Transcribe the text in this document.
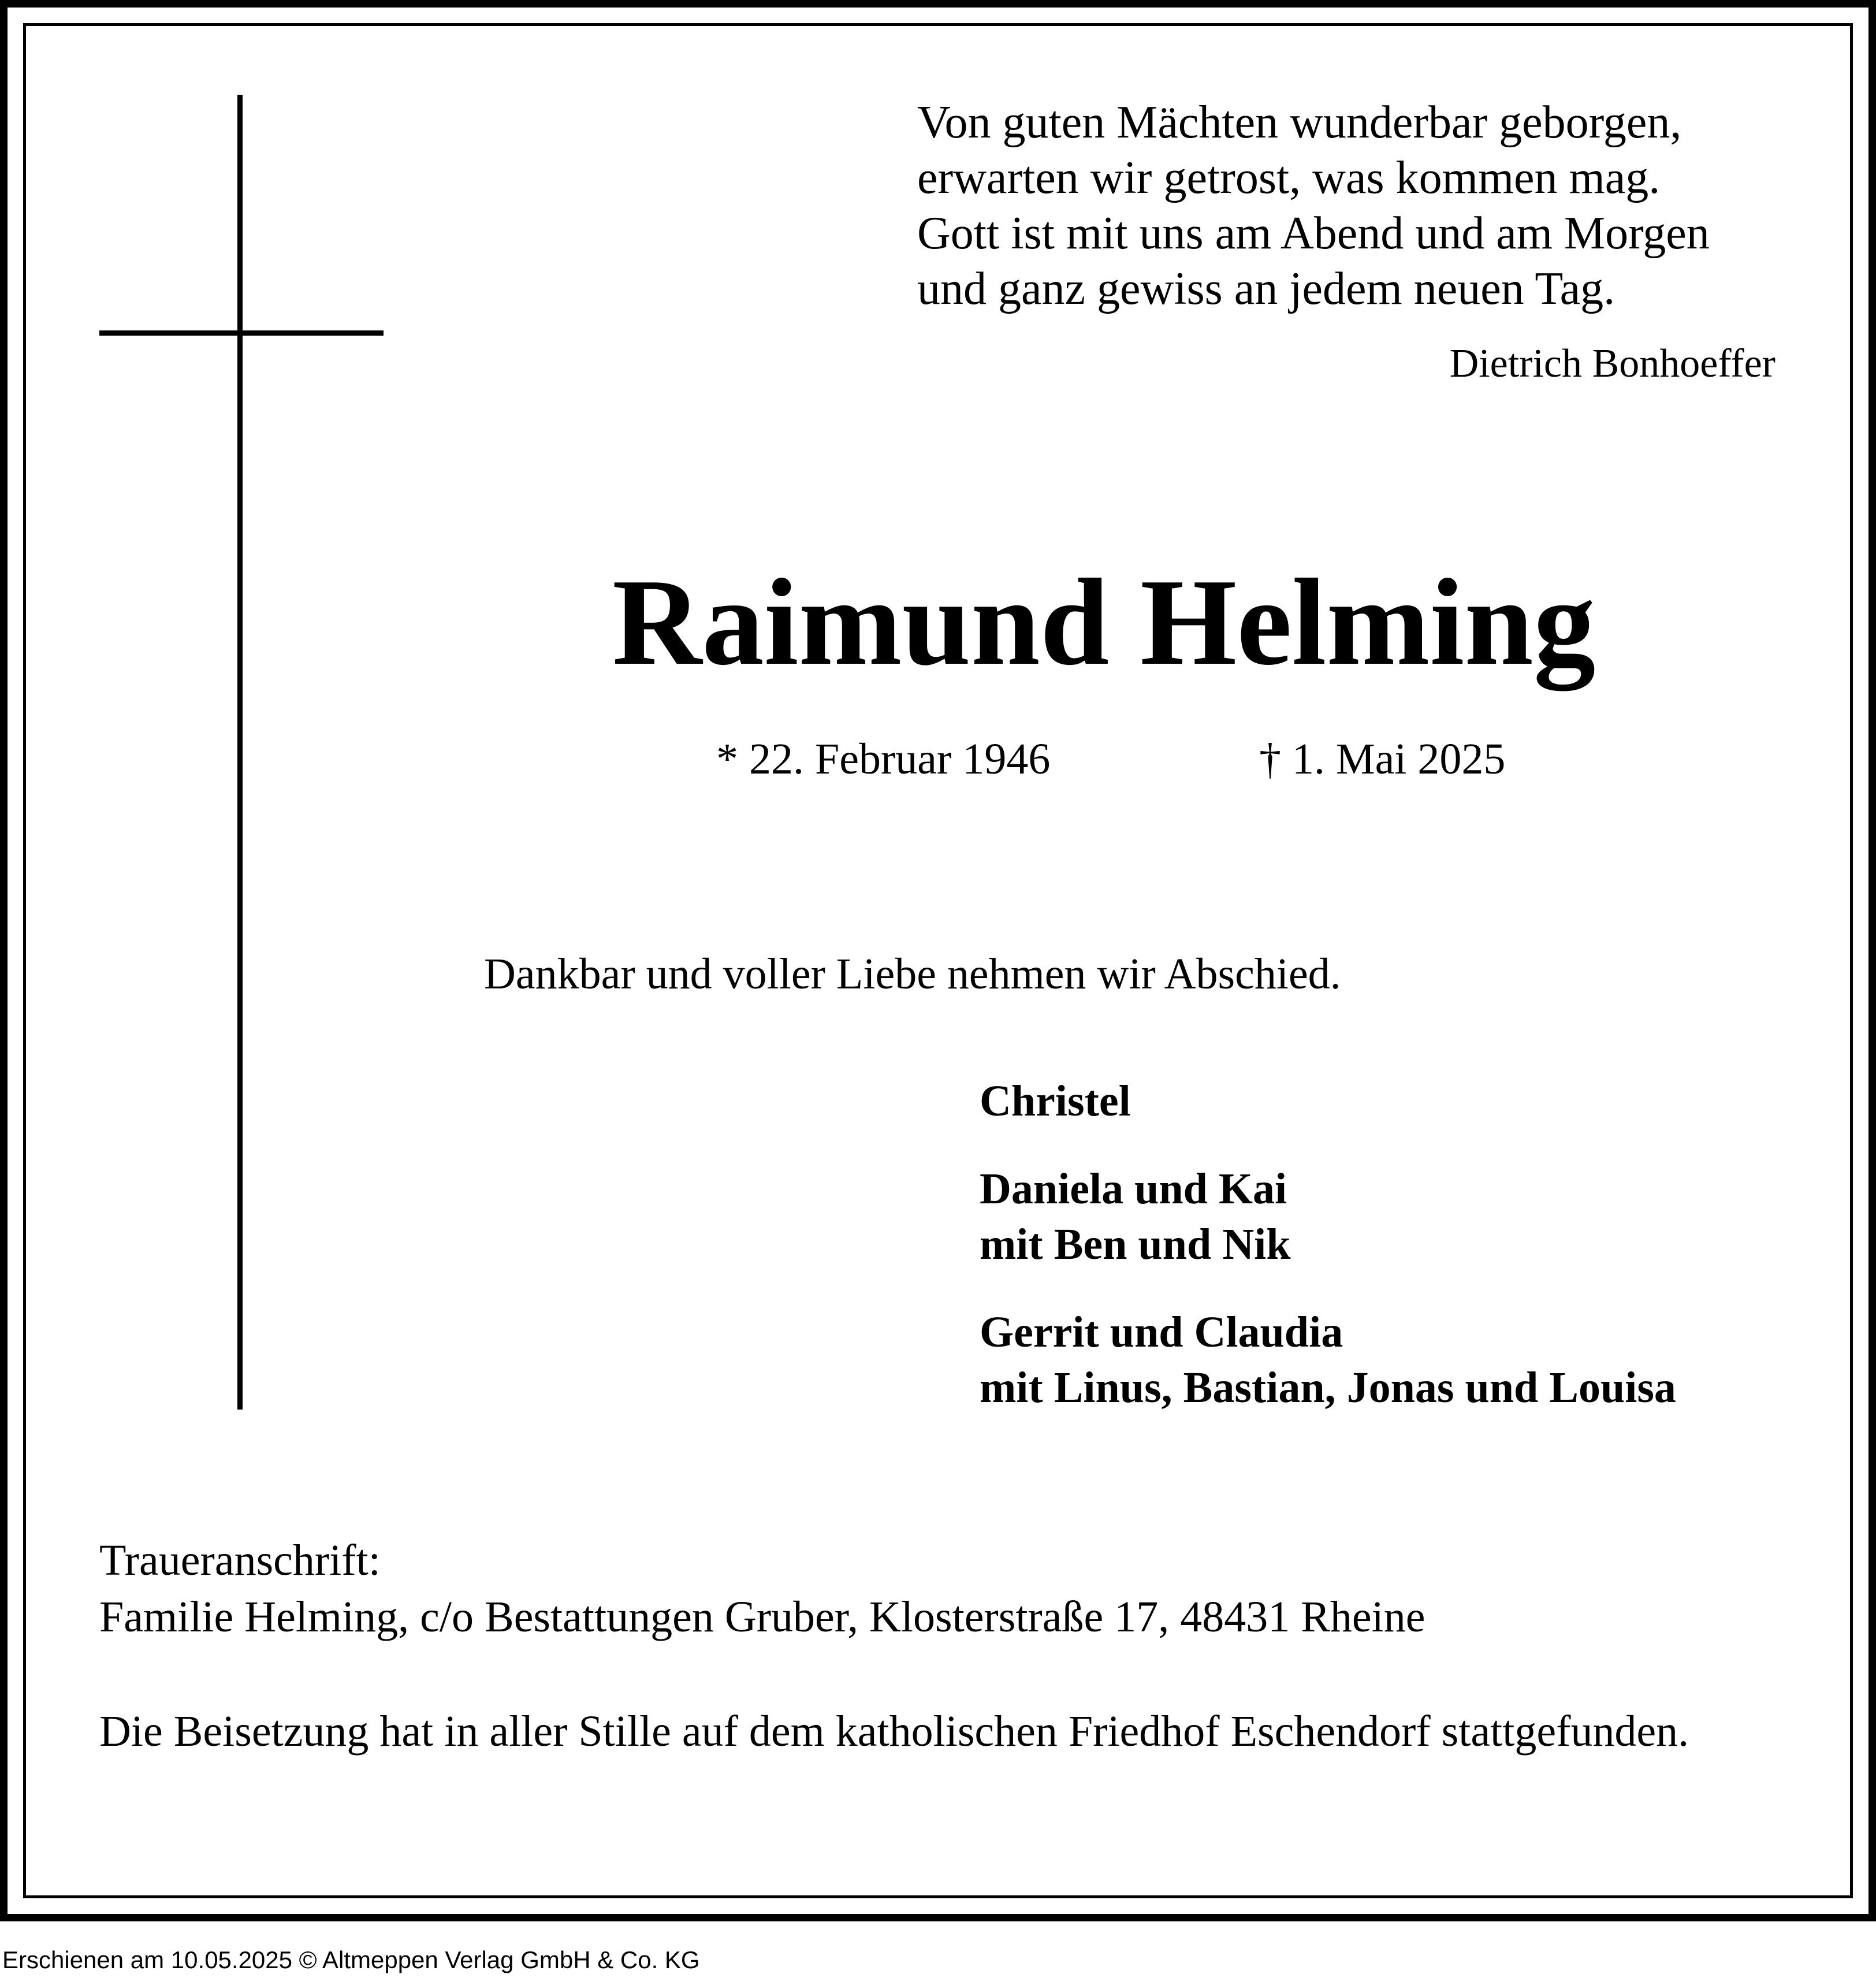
Von guten Mächten wunderbar geborgen,
erwarten wir getrost, was kommen mag.
Gott ist mit uns am Abend und am Morgen
und ganz gewiss an jedem neuen Tag.
Dietrich Bonhoeffer
Raimund Helming
* 22. Februar 1946	† 1. Mai 2025
Dankbar und voller Liebe nehmen wir Abschied.
Christel
Daniela und Kai
mit Ben und Nik
Gerrit und Claudia
mit Linus, Bastian, Jonas und Louisa
Traueranschrift:
Familie Helming, c/o Bestattungen Gruber, Klosterstraße 17, 48431 Rheine
Die Beisetzung hat in aller Stille auf dem katholischen Friedhof Eschendorf stattgefunden.
Erschienen am 10.05.2025 © Altmeppen Verlag GmbH & Co. KG
